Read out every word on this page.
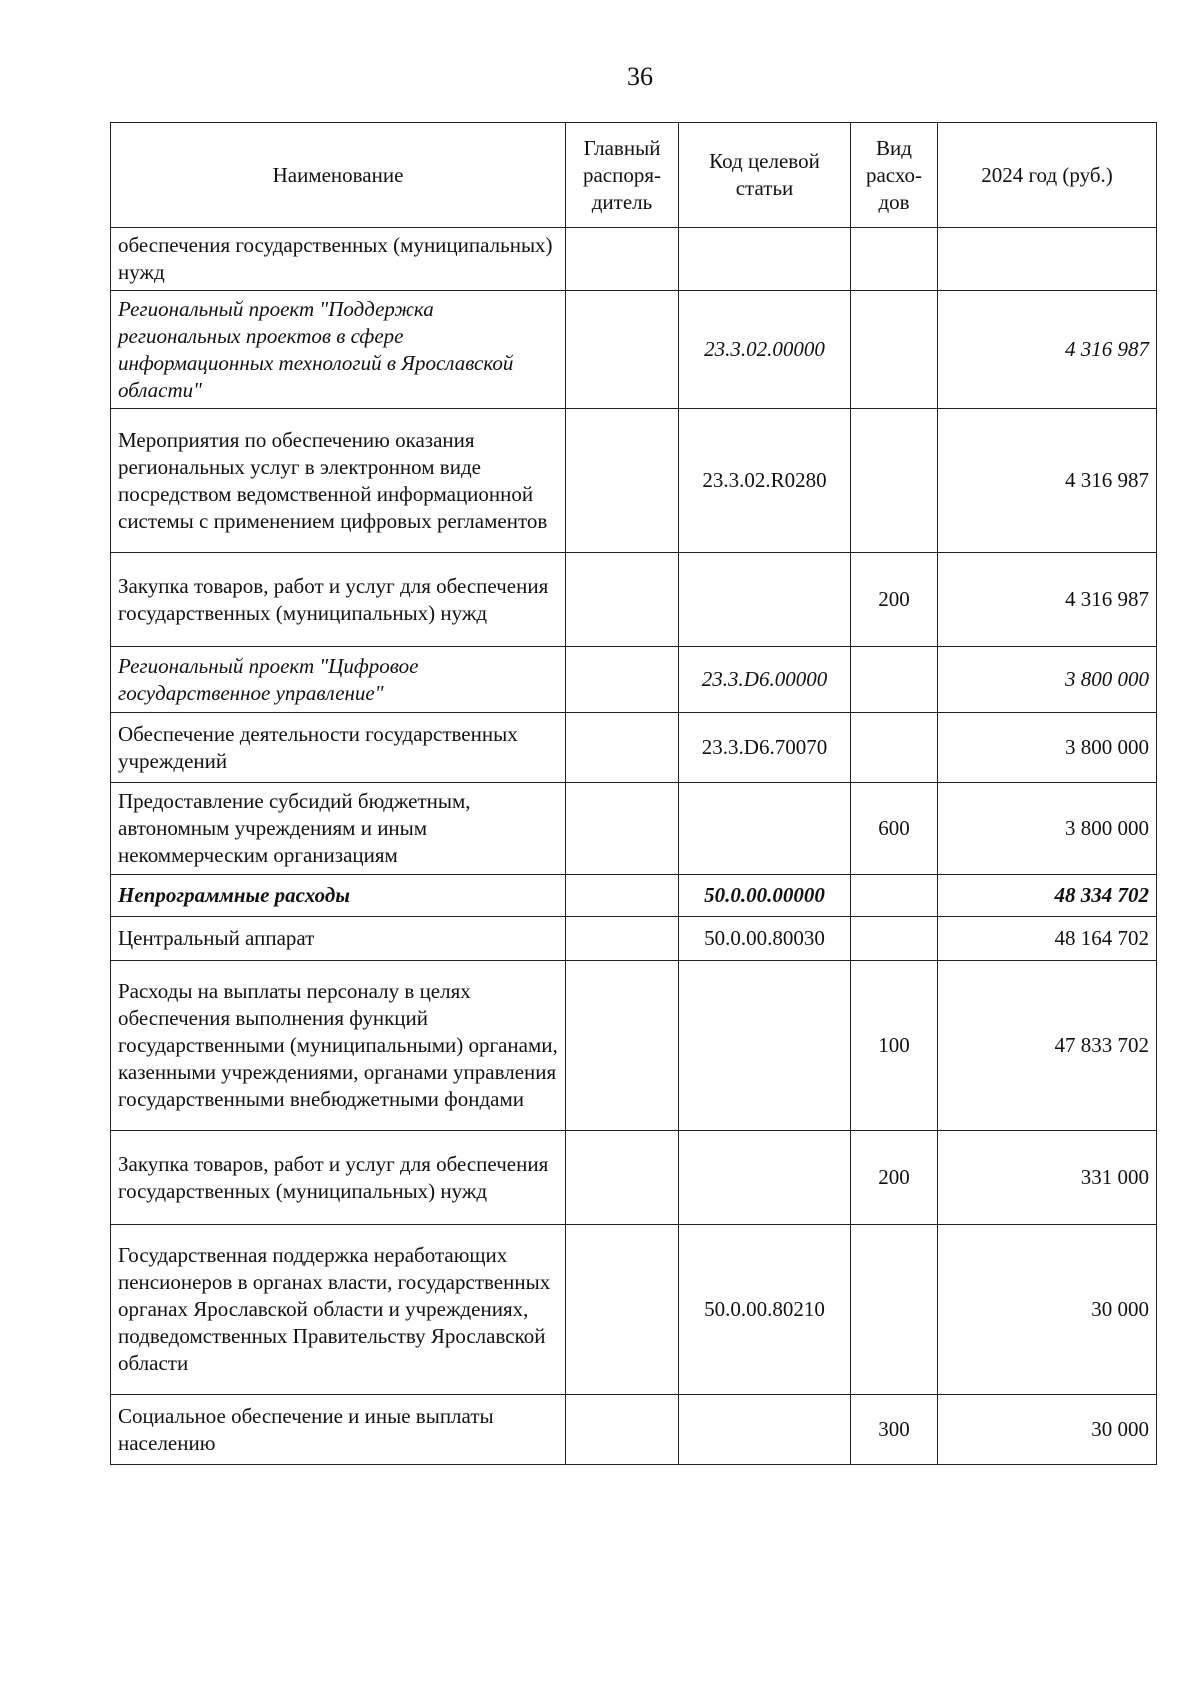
36
Наименование	Главный распоря-дитель	Код целевой статьи	Вид расхо-дов	2024 год (руб.)
обеспечения государственных (муниципальных) нужд				
Региональный проект "Поддержка региональных проектов в сфере информационных технологий в Ярославской области"		23.3.02.00000		4 316 987
Мероприятия по обеспечению оказания региональных услуг в электронном виде посредством ведомственной информационной системы с применением цифровых регламентов		23.3.02.R0280		4 316 987
Закупка товаров, работ и услуг для обеспечения государственных (муниципальных) нужд			200	4 316 987
Региональный проект "Цифровое государственное управление"		23.3.D6.00000		3 800 000
Обеспечение деятельности государственных учреждений		23.3.D6.70070		3 800 000
Предоставление субсидий бюджетным, автономным учреждениям и иным некоммерческим организациям			600	3 800 000
Непрограммные расходы		50.0.00.00000		48 334 702
Центральный аппарат		50.0.00.80030		48 164 702
Расходы на выплаты персоналу в целях обеспечения выполнения функций государственными (муниципальными) органами, казенными учреждениями, органами управления государственными внебюджетными фондами			100	47 833 702
Закупка товаров, работ и услуг для обеспечения государственных (муниципальных) нужд			200	331 000
Государственная поддержка неработающих пенсионеров в органах власти, государственных органах Ярославской области и учреждениях, подведомственных Правительству Ярославской области		50.0.00.80210		30 000
Социальное обеспечение и иные выплаты населению			300	30 000
